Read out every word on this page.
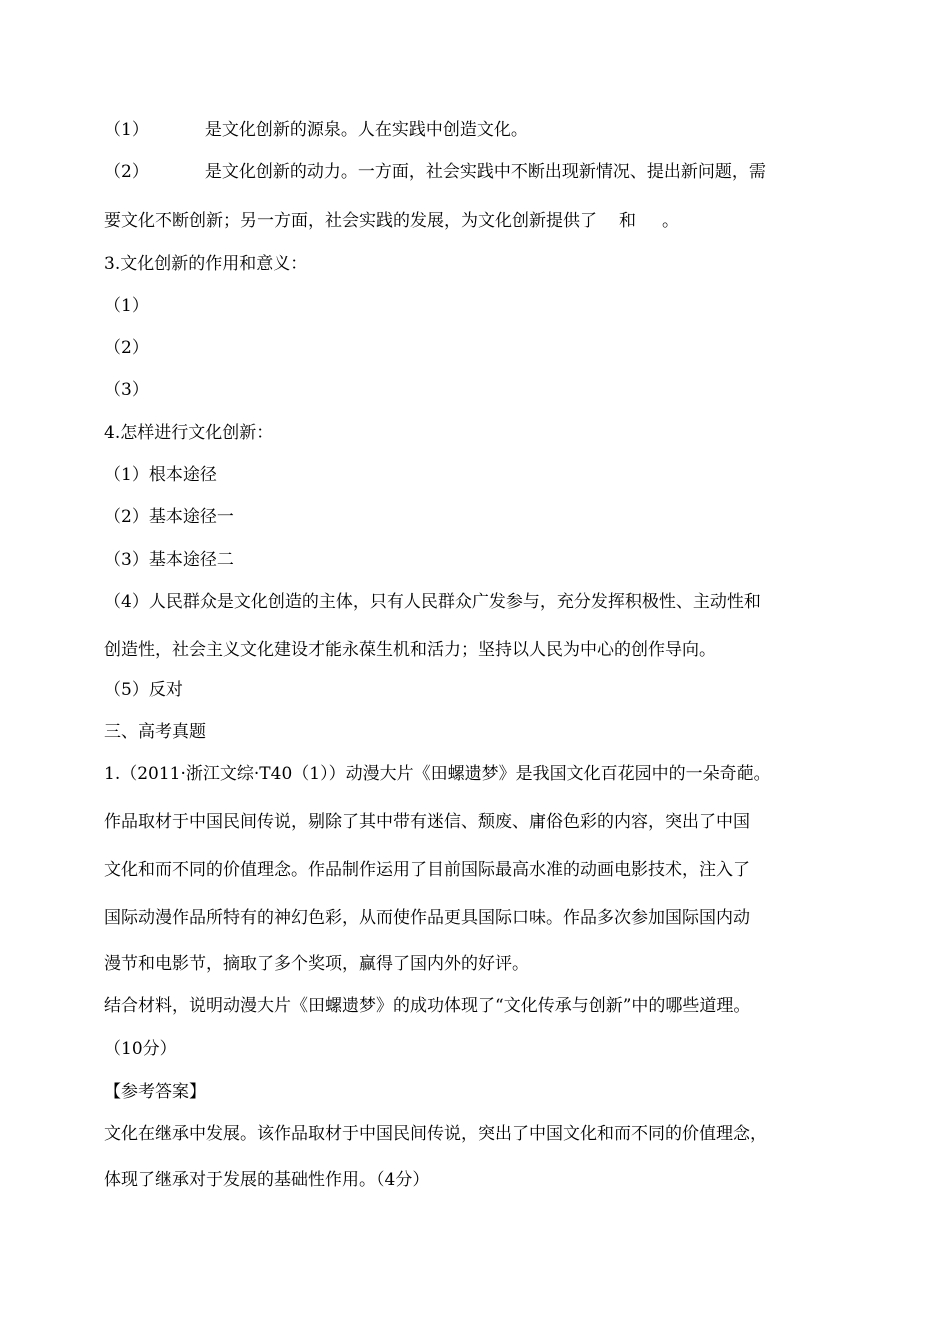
（1）	是文化创新的源泉。人在实践中创造文化。
（2）	是文化创新的动力。一方面，社会实践中不断出现新情况、提出新问题，需
要文化不断创新；另一方面，社会实践的发展，为文化创新提供了 和 。
3.文化创新的作用和意义：
（1）
（2）
（3）
4.怎样进行文化创新：
（1）根本途径
（2）基本途径一
（3）基本途径二
（4）人民群众是文化创造的主体，只有人民群众广发参与，充分发挥积极性、主动性和
创造性，社会主义文化建设才能永葆生机和活力；坚持以人民为中心的创作导向。
（5）反对
三、高考真题
1.（2011·浙江文综·T40（1））动漫大片《田螺遗梦》是我国文化百花园中的一朵奇葩。
作品取材于中国民间传说，剔除了其中带有迷信、颓废、庸俗色彩的内容，突出了中国
文化和而不同的价值理念。作品制作运用了目前国际最高水准的动画电影技术，注入了
国际动漫作品所特有的神幻色彩，从而使作品更具国际口味。作品多次参加国际国内动
漫节和电影节，摘取了多个奖项，赢得了国内外的好评。
结合材料，说明动漫大片《田螺遗梦》的成功体现了“文化传承与创新”中的哪些道理。
（10分）
【参考答案】
文化在继承中发展。该作品取材于中国民间传说，突出了中国文化和而不同的价值理念，
体现了继承对于发展的基础性作用。（4分）
